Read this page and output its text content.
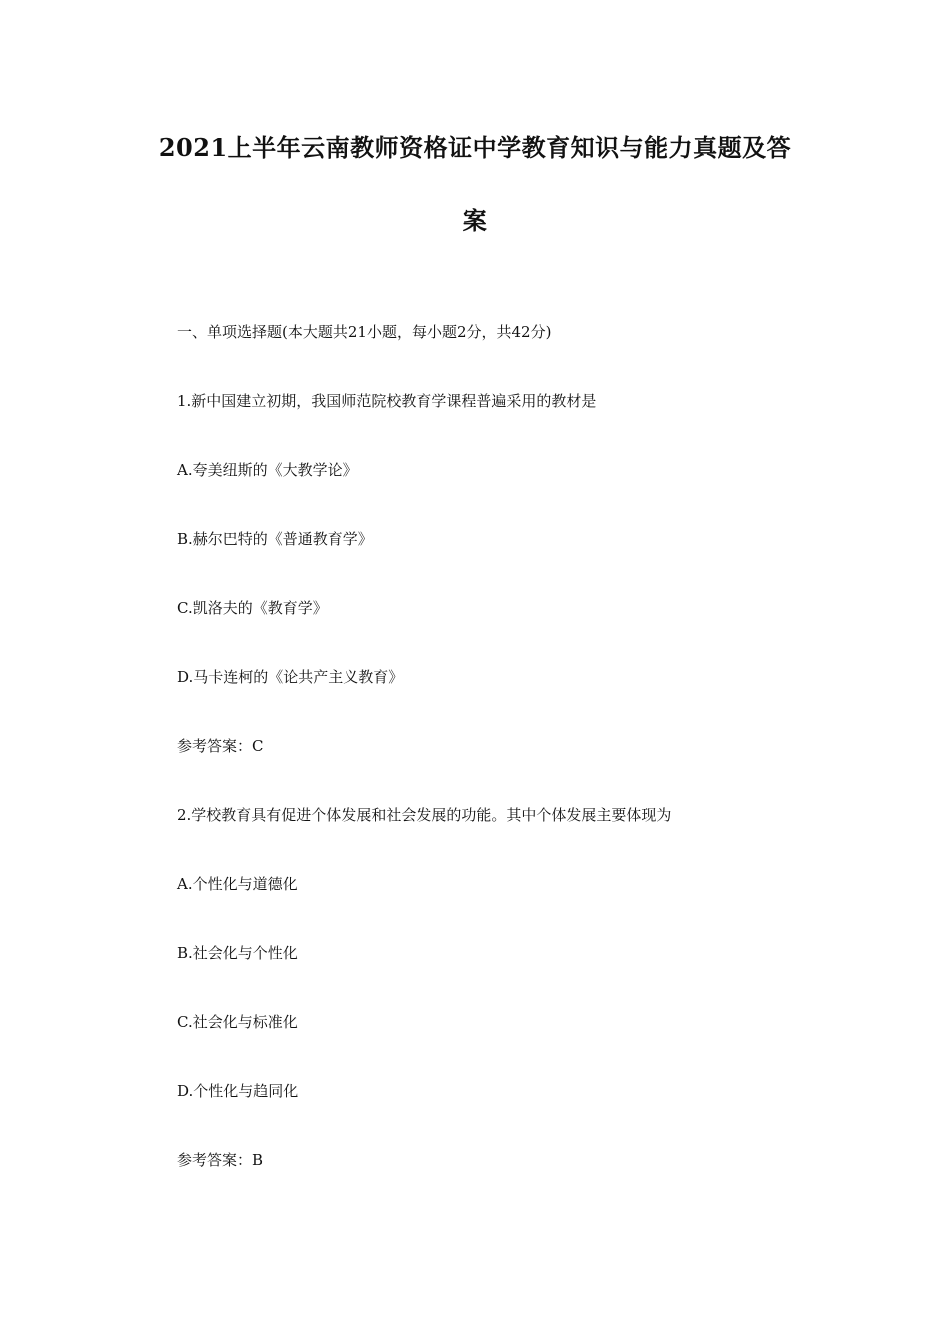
2021上半年云南教师资格证中学教育知识与能力真题及答
案
一、单项选择题(本大题共21小题，每小题2分，共42分)
1.新中国建立初期，我国师范院校教育学课程普遍采用的教材是
A.夸美纽斯的《大教学论》
B.赫尔巴特的《普通教育学》
C.凯洛夫的《教育学》
D.马卡连柯的《论共产主义教育》
参考答案：C
2.学校教育具有促进个体发展和社会发展的功能。其中个体发展主要体现为
A.个性化与道德化
B.社会化与个性化
C.社会化与标准化
D.个性化与趋同化
参考答案：B
